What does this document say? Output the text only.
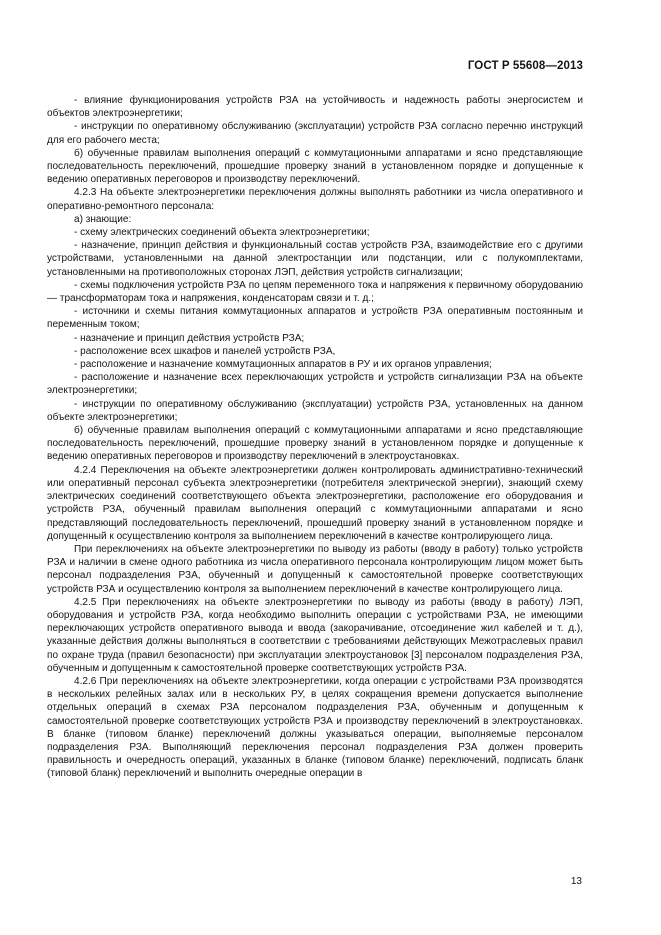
ГОСТ Р 55608—2013

- влияние функционирования устройств РЗА на устойчивость и надежность работы энергосистем и объектов электроэнергетики;

- инструкции по оперативному обслуживанию (эксплуатации) устройств РЗА согласно перечню инструкций для его рабочего места;

б) обученные правилам выполнения операций с коммутационными аппаратами и ясно представляющие последовательность переключений, прошедшие проверку знаний в установленном порядке и допущенные к ведению оперативных переговоров и производству переключений.

4.2.3 На объекте электроэнергетики переключения должны выполнять работники из числа оперативного и оперативно-ремонтного персонала:

а) знающие:

- схему электрических соединений объекта электроэнергетики;

- назначение, принцип действия и функциональный состав устройств РЗА, взаимодействие его с другими устройствами, установленными на данной электростанции или подстанции, или с полукомплектами, установленными на противоположных сторонах ЛЭП, действия устройств сигнализации;

- схемы подключения устройств РЗА по цепям переменного тока и напряжения к первичному оборудованию — трансформаторам тока и напряжения, конденсаторам связи и т. д.;

- источники и схемы питания коммутационных аппаратов и устройств РЗА оперативным постоянным и переменным током;

- назначение и принцип действия устройств РЗА;

- расположение всех шкафов и панелей устройств РЗА,

- расположение и назначение коммутационных аппаратов в РУ и их органов управления;

- расположение и назначение всех переключающих устройств и устройств сигнализации РЗА на объекте электроэнергетики;

- инструкции по оперативному обслуживанию (эксплуатации) устройств РЗА, установленных на данном объекте электроэнергетики;

б) обученные правилам выполнения операций с коммутационными аппаратами и ясно представляющие последовательность переключений, прошедшие проверку знаний в установленном порядке и допущенные к ведению оперативных переговоров и производству переключений в электроустановках.

4.2.4 Переключения на объекте электроэнергетики должен контролировать административно-технический или оперативный персонал субъекта электроэнергетики (потребителя электрической энергии), знающий схему электрических соединений соответствующего объекта электроэнергетики, расположение его оборудования и устройств РЗА, обученный правилам выполнения операций с коммутационными аппаратами и ясно представляющий последовательность переключений, прошедший проверку знаний в установленном порядке и допущенный к осуществлению контроля за выполнением переключений в качестве контролирующего лица.

При переключениях на объекте электроэнергетики по выводу из работы (вводу в работу) только устройств РЗА и наличии в смене одного работника из числа оперативного персонала контролирующим лицом может быть персонал подразделения РЗА, обученный и допущенный к самостоятельной проверке соответствующих устройств РЗА и осуществлению контроля за выполнением переключений в качестве контролирующего лица.

4.2.5 При переключениях на объекте электроэнергетики по выводу из работы (вводу в работу) ЛЭП, оборудования и устройств РЗА, когда необходимо выполнить операции с устройствами РЗА, не имеющими переключающих устройств оперативного вывода и ввода (закорачивание, отсоединение жил кабелей и т. д.), указанные действия должны выполняться в соответствии с требованиями действующих Межотраслевых правил по охране труда (правил безопасности) при эксплуатации электроустановок [3] персоналом подразделения РЗА, обученным и допущенным к самостоятельной проверке соответствующих устройств РЗА.

4.2.6 При переключениях на объекте электроэнергетики, когда операции с устройствами РЗА производятся в нескольких релейных залах или в нескольких РУ, в целях сокращения времени допускается выполнение отдельных операций в схемах РЗА персоналом подразделения РЗА, обученным и допущенным к самостоятельной проверке соответствующих устройств РЗА и производству переключений в электроустановках. В бланке (типовом бланке) переключений должны указываться операции, выполняемые персоналом подразделения РЗА. Выполняющий переключения персонал подразделения РЗА должен проверить правильность и очередность операций, указанных в бланке (типовом бланке) переключений, подписать бланк (типовой бланк) переключений и выполнить очередные операции в

13
